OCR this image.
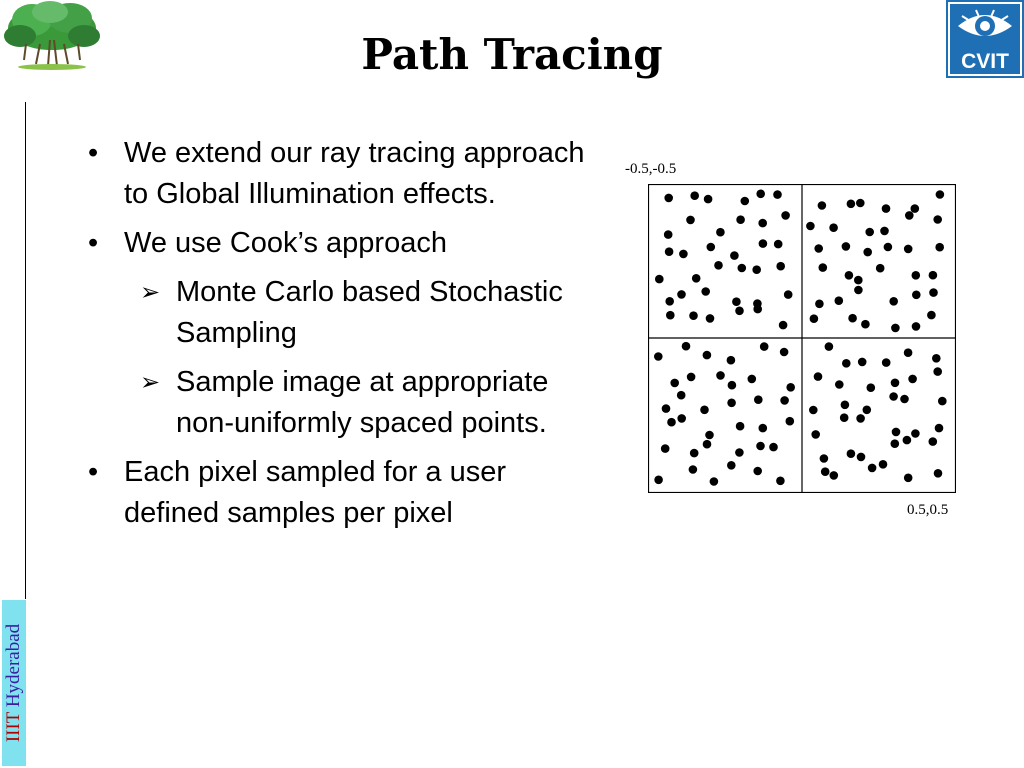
CVIT
Path Tracing
IIIT Hyderabad
• We extend our ray tracing approach to Global Illumination effects.
• We use Cook’s approach
➢ Monte Carlo based Stochastic Sampling
➢ Sample image at appropriate non-uniformly spaced points.
• Each pixel sampled for a user defined samples per pixel
-0.5,-0.5
0.5,0.5
